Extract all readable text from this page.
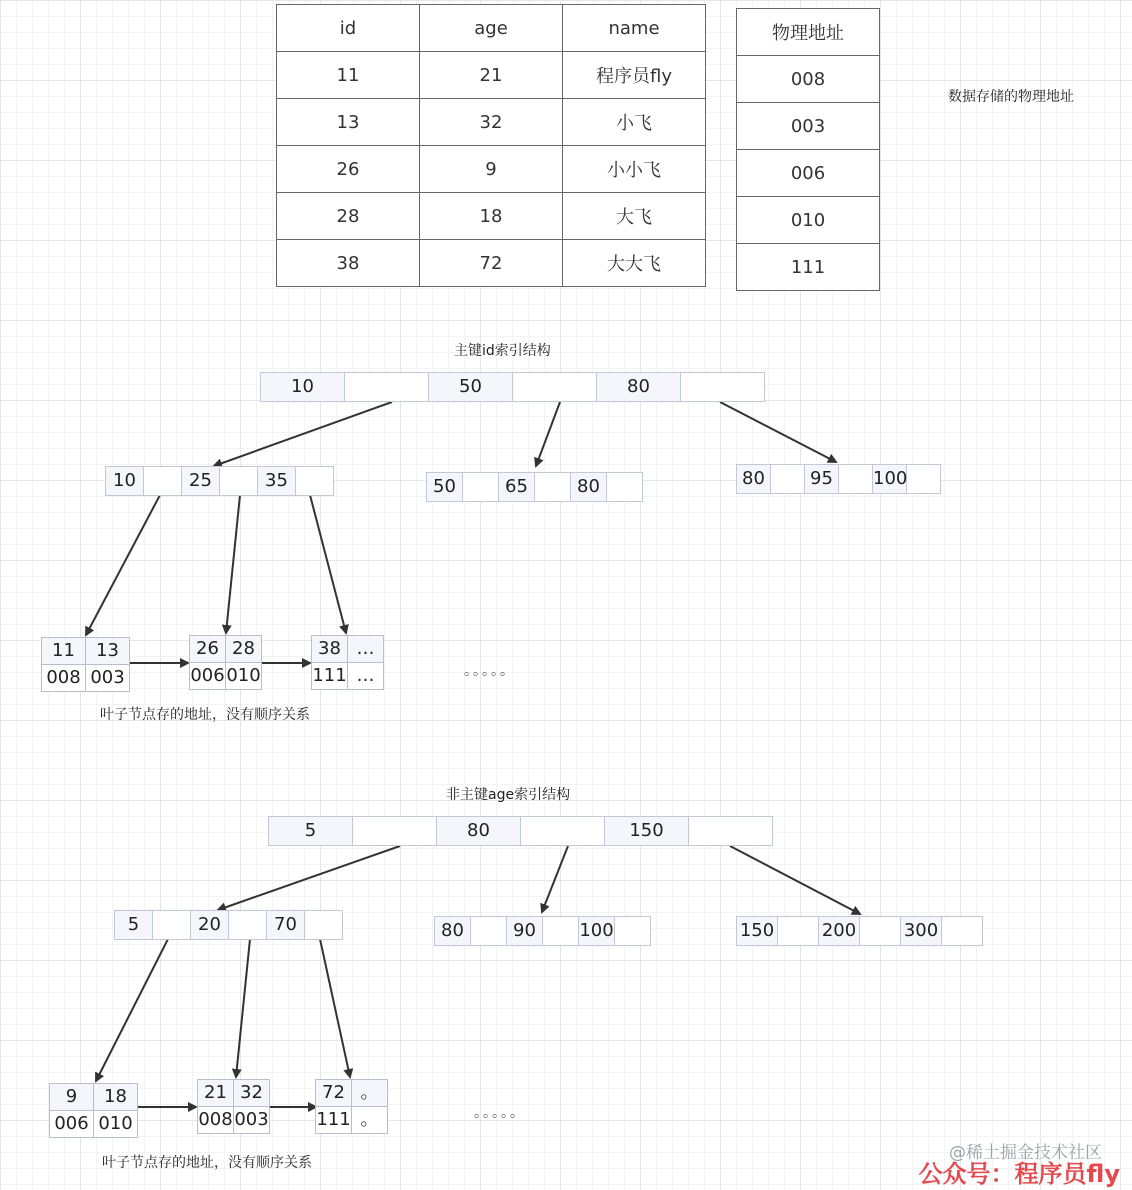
id	age	name
11	21	程序员fly
13	32	小飞
26	9	小小飞
28	18	大飞
38	72	大大飞
物理地址
008
003
006
010
111
数据存储的物理地址
主键id索引结构
10	50	80
10	25	35	50	65	80	80	95	100
11	13
008 003
26 28
006 010
38 …
111 …	。。。。。
叶子节点存的地址，没有顺序关系
非主键age索引结构
5	80	150
5	20	70	80	90	100	150	200	300
9	18
006 010
21 32
008 003
72 。
111 。	。。。。。
叶子节点存的地址，没有顺序关系	@稀土掘金技术社区
公众号：程序员fly
